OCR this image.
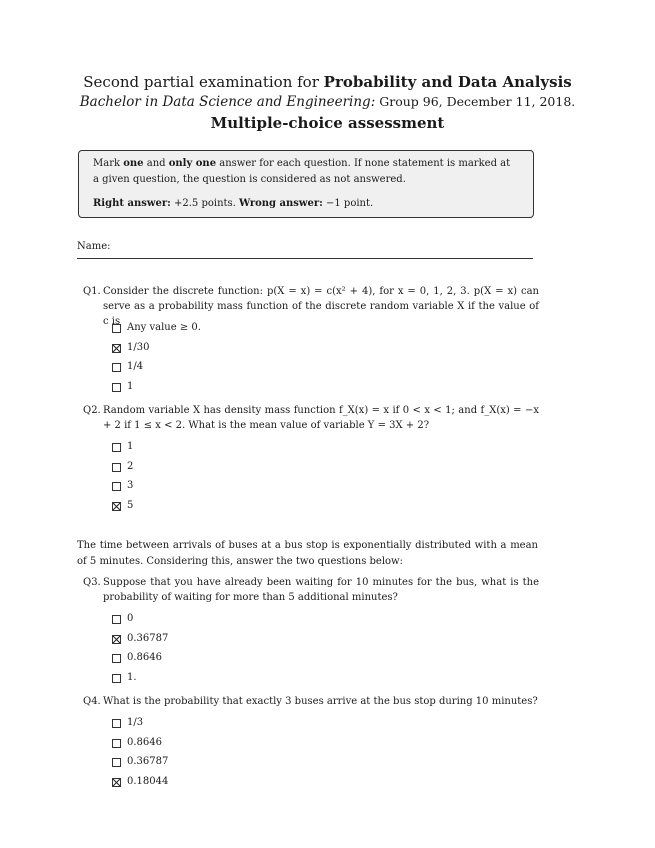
Second partial examination for Probability and Data Analysis
Bachelor in Data Science and Engineering: Group 96, December 11, 2018.
Multiple-choice assessment
Mark one and only one answer for each question. If none statement is marked at a given question, the question is considered as not answered.
Right answer: +2.5 points. Wrong answer: −1 point.
Name:
Q1. Consider the discrete function: p(X = x) = c(x² + 4), for x = 0, 1, 2, 3. p(X = x) can serve as a probability mass function of the discrete random variable X if the value of c is
Any value ≥ 0.
1/30
1/4
1
Q2. Random variable X has density mass function f_X(x) = x if 0 < x < 1; and f_X(x) = −x + 2 if 1 ≤ x < 2. What is the mean value of variable Y = 3X + 2?
1
2
3
5
The time between arrivals of buses at a bus stop is exponentially distributed with a mean of 5 minutes. Considering this, answer the two questions below:
Q3. Suppose that you have already been waiting for 10 minutes for the bus, what is the probability of waiting for more than 5 additional minutes?
0
0.36787
0.8646
1.
Q4. What is the probability that exactly 3 buses arrive at the bus stop during 10 minutes?
1/3
0.8646
0.36787
0.18044
